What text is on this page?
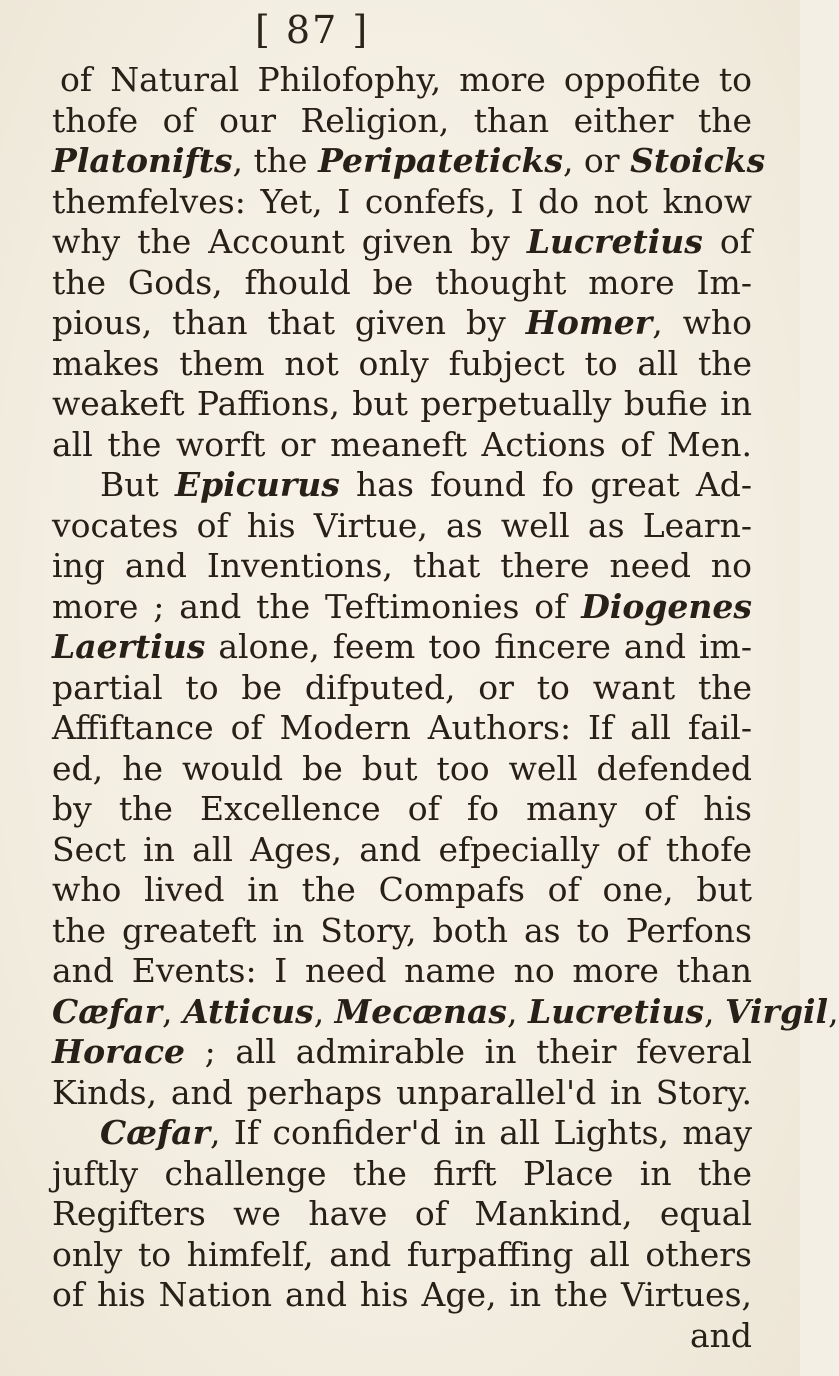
[ 87 ]
of Natural Philofophy, more oppofite to
thofe of our Religion, than either the
Platonifts, the Peripateticks, or Stoicks
themfelves: Yet, I confefs, I do not know
why the Account given by Lucretius of
the Gods, fhould be thought more Im-
pious, than that given by Homer, who
makes them not only fubject to all the
weakeft Paffions, but perpetually bufie in
all the worft or meaneft Actions of Men.
But Epicurus has found fo great Ad-
vocates of his Virtue, as well as Learn-
ing and Inventions, that there need no
more ; and the Teftimonies of Diogenes
Laertius alone, feem too fincere and im-
partial to be difputed, or to want the
Affiftance of Modern Authors: If all fail-
ed, he would be but too well defended
by the Excellence of fo many of his
Sect in all Ages, and efpecially of thofe
who lived in the Compafs of one, but
the greateft in Story, both as to Perfons
and Events: I need name no more than
Cæfar, Atticus, Mecænas, Lucretius, Virgil,
Horace ; all admirable in their feveral
Kinds, and perhaps unparallel'd in Story.
Cæfar, If confider'd in all Lights, may
juftly challenge the firft Place in the
Regifters we have of Mankind, equal
only to himfelf, and furpaffing all others
of his Nation and his Age, in the Virtues,
and
